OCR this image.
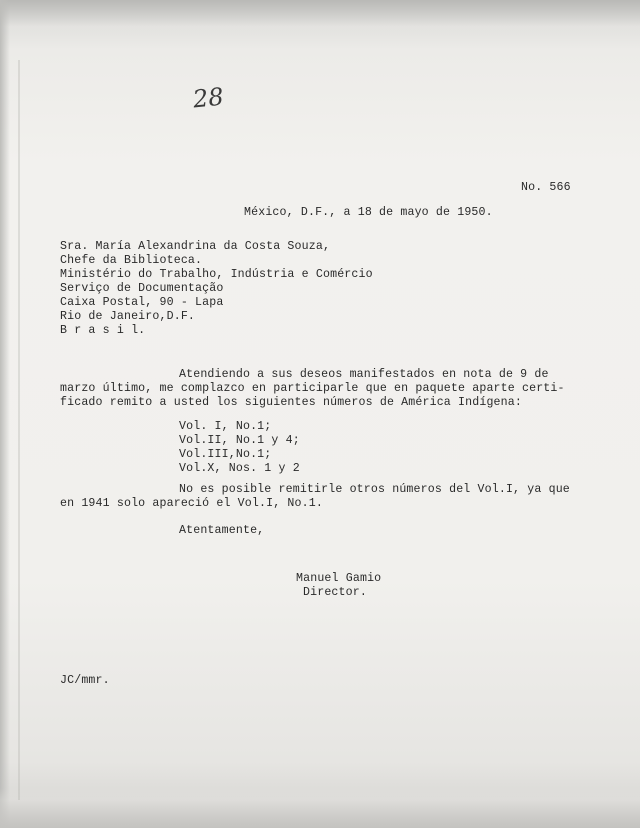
28
No. 566
México, D.F., a 18 de mayo de 1950.
Sra. María Alexandrina da Costa Souza,
Chefe da Biblioteca.
Ministério do Trabalho, Indústria e Comércio
Serviço de Documentação
Caixa Postal, 90 - Lapa
Rio de Janeiro,D.F.
B r a s i l.
Atendiendo a sus deseos manifestados en nota de 9 de
marzo último, me complazco en participarle que en paquete aparte certi-
ficado remito a usted los siguientes números de América Indígena:
Vol. I, No.1;
Vol.II, No.1 y 4;
Vol.III,No.1;
Vol.X, Nos. 1 y 2
No es posible remitirle otros números del Vol.I, ya que
en 1941 solo apareció el Vol.I, No.1.
Atentamente,
Manuel Gamio
Director.
JC/mmr.
